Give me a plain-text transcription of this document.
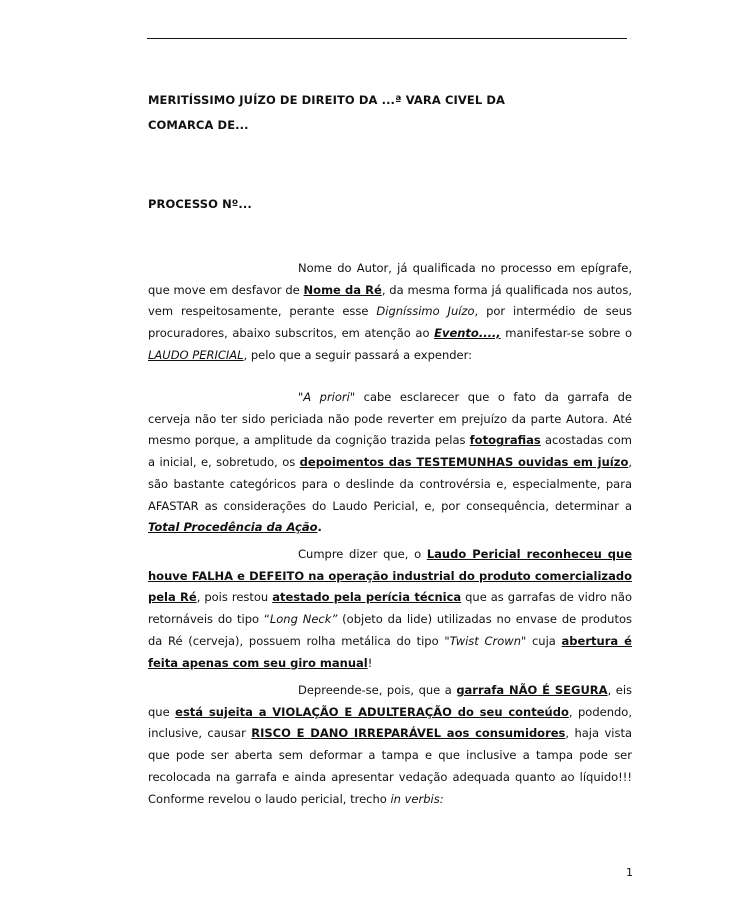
MERITÍSSIMO JUÍZO DE DIREITO DA ...ª VARA CIVEL DA
COMARCA DE...
PROCESSO Nº...
Nome do Autor, já qualificada no processo em epígrafe, que move em desfavor de Nome da Ré, da mesma forma já qualificada nos autos, vem respeitosamente, perante esse Digníssimo Juízo, por intermédio de seus procuradores, abaixo subscritos, em atenção ao Evento...., manifestar-se sobre o LAUDO PERICIAL, pelo que a seguir passará a expender:
"A priori" cabe esclarecer que o fato da garrafa de cerveja não ter sido periciada não pode reverter em prejuízo da parte Autora. Até mesmo porque, a amplitude da cognição trazida pelas fotografias acostadas com a inicial, e, sobretudo, os depoimentos das TESTEMUNHAS ouvidas em juízo, são bastante categóricos para o deslinde da controvérsia e, especialmente, para AFASTAR as considerações do Laudo Pericial, e, por consequência, determinar a Total Procedência da Ação.
Cumpre dizer que, o Laudo Pericial reconheceu que houve FALHA e DEFEITO na operação industrial do produto comercializado pela Ré, pois restou atestado pela perícia técnica que as garrafas de vidro não retornáveis do tipo “Long Neck” (objeto da lide) utilizadas no envase de produtos da Ré (cerveja), possuem rolha metálica do tipo "Twist Crown" cuja abertura é feita apenas com seu giro manual!
Depreende-se, pois, que a garrafa NÃO É SEGURA, eis que está sujeita a VIOLAÇÃO E ADULTERAÇÃO do seu conteúdo, podendo, inclusive, causar RISCO E DANO IRREPARÁVEL aos consumidores, haja vista que pode ser aberta sem deformar a tampa e que inclusive a tampa pode ser recolocada na garrafa e ainda apresentar vedação adequada quanto ao líquido!!! Conforme revelou o laudo pericial, trecho in verbis:
1
